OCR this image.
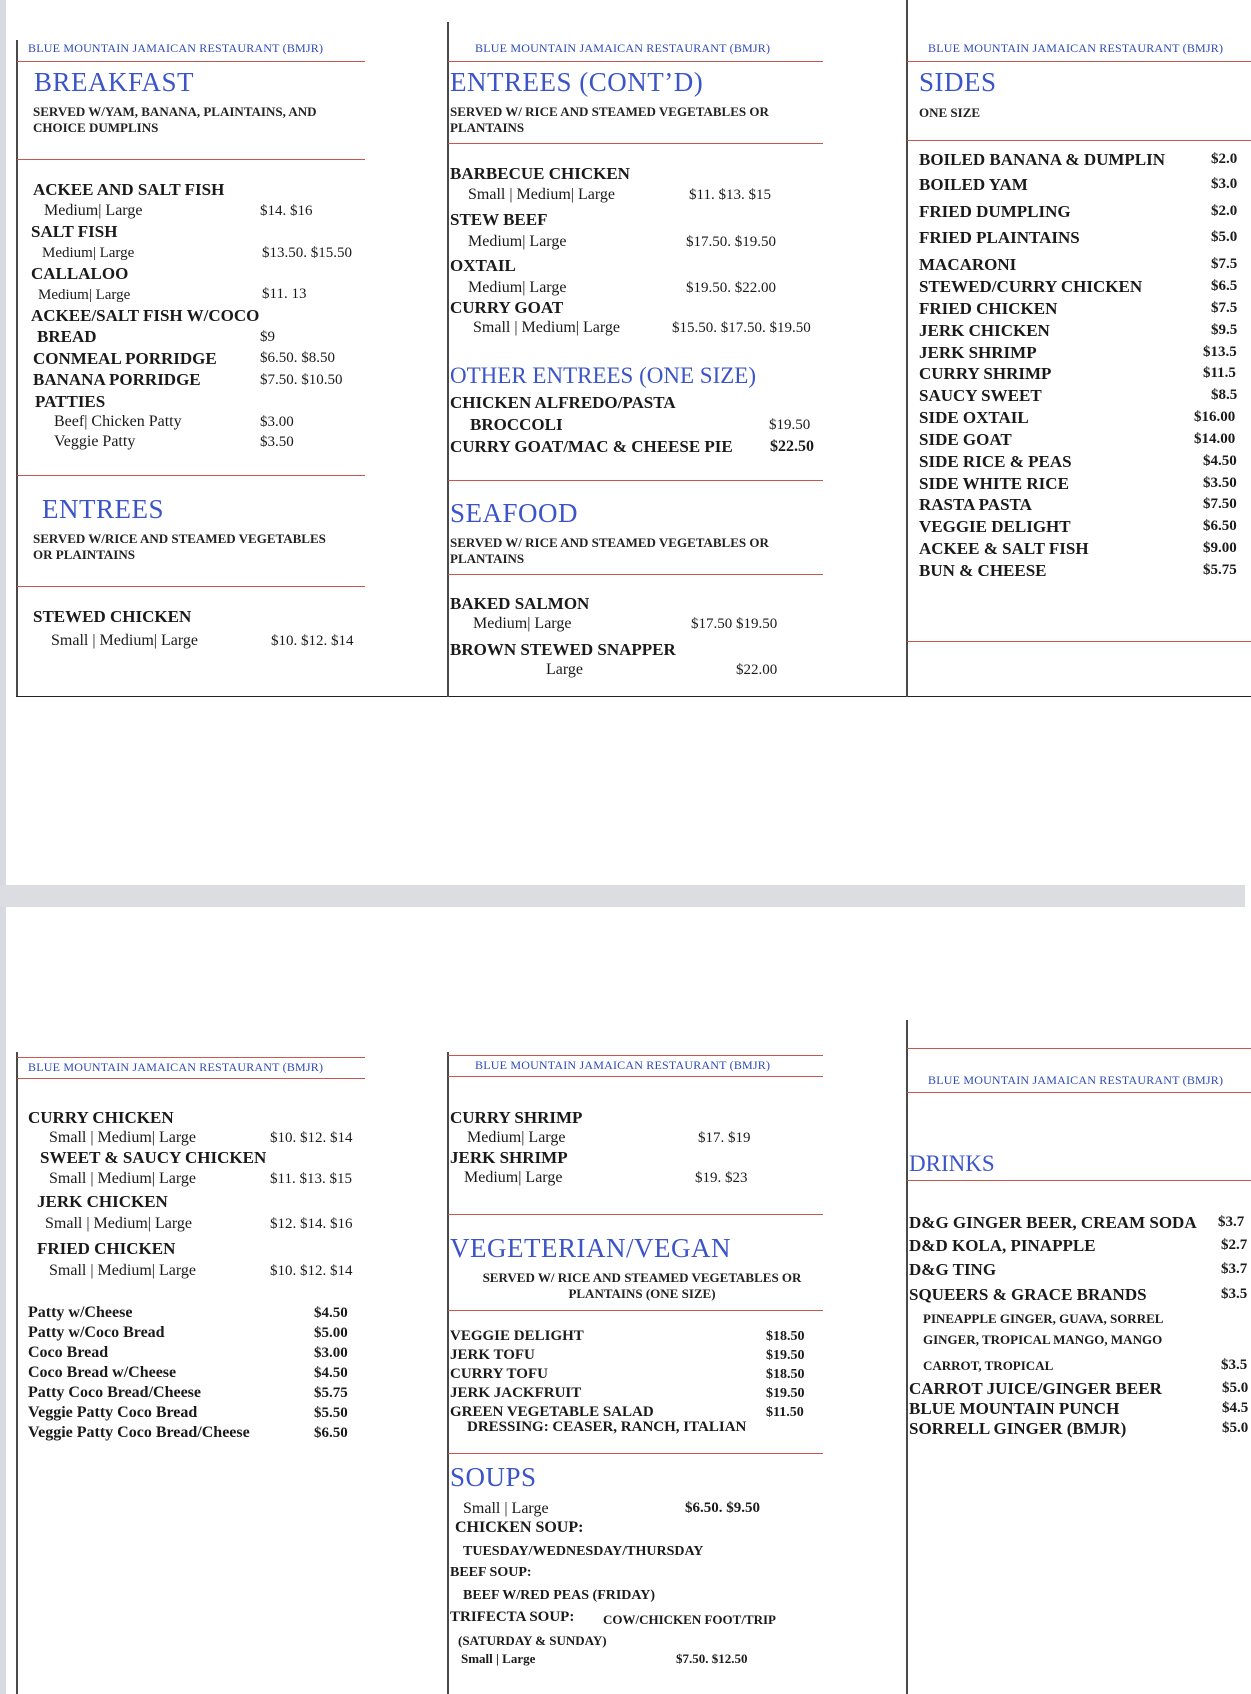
BLUE MOUNTAIN JAMAICAN RESTAURANT (BMJR)
BREAKFAST
SERVED W/YAM, BANANA, PLAINTAINS, AND CHOICE DUMPLINS
ACKEE AND SALT FISH
Medium| Large	$14. $16
SALT FISH
Medium| Large	$13.50. $15.50
CALLALOO
Medium| Large	$11. 13
ACKEE/SALT FISH W/COCO
BREAD	$9
CONMEAL PORRIDGE	$6.50. $8.50
BANANA PORRIDGE	$7.50. $10.50
PATTIES
Beef| Chicken Patty	$3.00
Veggie Patty	$3.50
ENTREES
SERVED W/RICE AND STEAMED VEGETABLES OR PLAINTAINS
STEWED CHICKEN
Small | Medium| Large	$10. $12. $14
BLUE MOUNTAIN JAMAICAN RESTAURANT (BMJR)
ENTREES (CONT’D)
SERVED W/ RICE AND STEAMED VEGETABLES OR PLANTAINS
BARBECUE CHICKEN
Small | Medium| Large	$11. $13. $15
STEW BEEF
Medium| Large	$17.50. $19.50
OXTAIL
Medium| Large	$19.50. $22.00
CURRY GOAT
Small | Medium| Large	$15.50. $17.50. $19.50
OTHER ENTREES (ONE SIZE)
CHICKEN ALFREDO/PASTA
BROCCOLI	$19.50
CURRY GOAT/MAC & CHEESE PIE $22.50
SEAFOOD
SERVED W/ RICE AND STEAMED VEGETABLES OR PLANTAINS
BAKED SALMON
Medium| Large	$17.50 $19.50
BROWN STEWED SNAPPER
Large	$22.00
BLUE MOUNTAIN JAMAICAN RESTAURANT (BMJR)
SIDES
ONE SIZE
BOILED BANANA & DUMPLIN	$2.0
BOILED YAM	$3.0
FRIED DUMPLING	$2.0
FRIED PLAINTAINS	$5.0
MACARONI	$7.5
STEWED/CURRY CHICKEN	$6.5
FRIED CHICKEN	$7.5
JERK CHICKEN	$9.5
JERK SHRIMP	$13.5
CURRY SHRIMP	$11.5
SAUCY SWEET	$8.5
SIDE OXTAIL	$16.00
SIDE GOAT	$14.00
SIDE RICE & PEAS	$4.50
SIDE WHITE RICE	$3.50
RASTA PASTA	$7.50
VEGGIE DELIGHT	$6.50
ACKEE & SALT FISH	$9.00
BUN & CHEESE	$5.75
BLUE MOUNTAIN JAMAICAN RESTAURANT (BMJR)
CURRY CHICKEN
Small | Medium| Large	$10. $12. $14
SWEET & SAUCY CHICKEN
Small | Medium| Large	$11. $13. $15
JERK CHICKEN
Small | Medium| Large	$12. $14. $16
FRIED CHICKEN
Small | Medium| Large	$10. $12. $14
Patty w/Cheese	$4.50
Patty w/Coco Bread	$5.00
Coco Bread	$3.00
Coco Bread w/Cheese	$4.50
Patty Coco Bread/Cheese	$5.75
Veggie Patty Coco Bread	$5.50
Veggie Patty Coco Bread/Cheese	$6.50
BLUE MOUNTAIN JAMAICAN RESTAURANT (BMJR)
CURRY SHRIMP
Medium| Large	$17. $19
JERK SHRIMP
Medium| Large	$19. $23
VEGETERIAN/VEGAN
SERVED W/ RICE AND STEAMED VEGETABLES OR PLANTAINS (ONE SIZE)
VEGGIE DELIGHT	$18.50
JERK TOFU	$19.50
CURRY TOFU	$18.50
JERK JACKFRUIT	$19.50
GREEN VEGETABLE SALAD	$11.50
DRESSING: CEASER, RANCH, ITALIAN
SOUPS
Small | Large	$6.50. $9.50
CHICKEN SOUP:
TUESDAY/WEDNESDAY/THURSDAY
BEEF SOUP:
BEEF W/RED PEAS (FRIDAY)
TRIFECTA SOUP: COW/CHICKEN FOOT/TRIP
(SATURDAY & SUNDAY)
Small | Large	$7.50. $12.50
BLUE MOUNTAIN JAMAICAN RESTAURANT (BMJR)
DRINKS
D&G GINGER BEER, CREAM SODA $3.7
D&D KOLA, PINAPPLE	$2.7
D&G TING	$3.7
SQUEERS & GRACE BRANDS	$3.5
PINEAPPLE GINGER, GUAVA, SORREL
GINGER, TROPICAL MANGO, MANGO
CARROT, TROPICAL	$3.5
CARROT JUICE/GINGER BEER	$5.0
BLUE MOUNTAIN PUNCH	$4.5
SORRELL GINGER (BMJR)	$5.0
